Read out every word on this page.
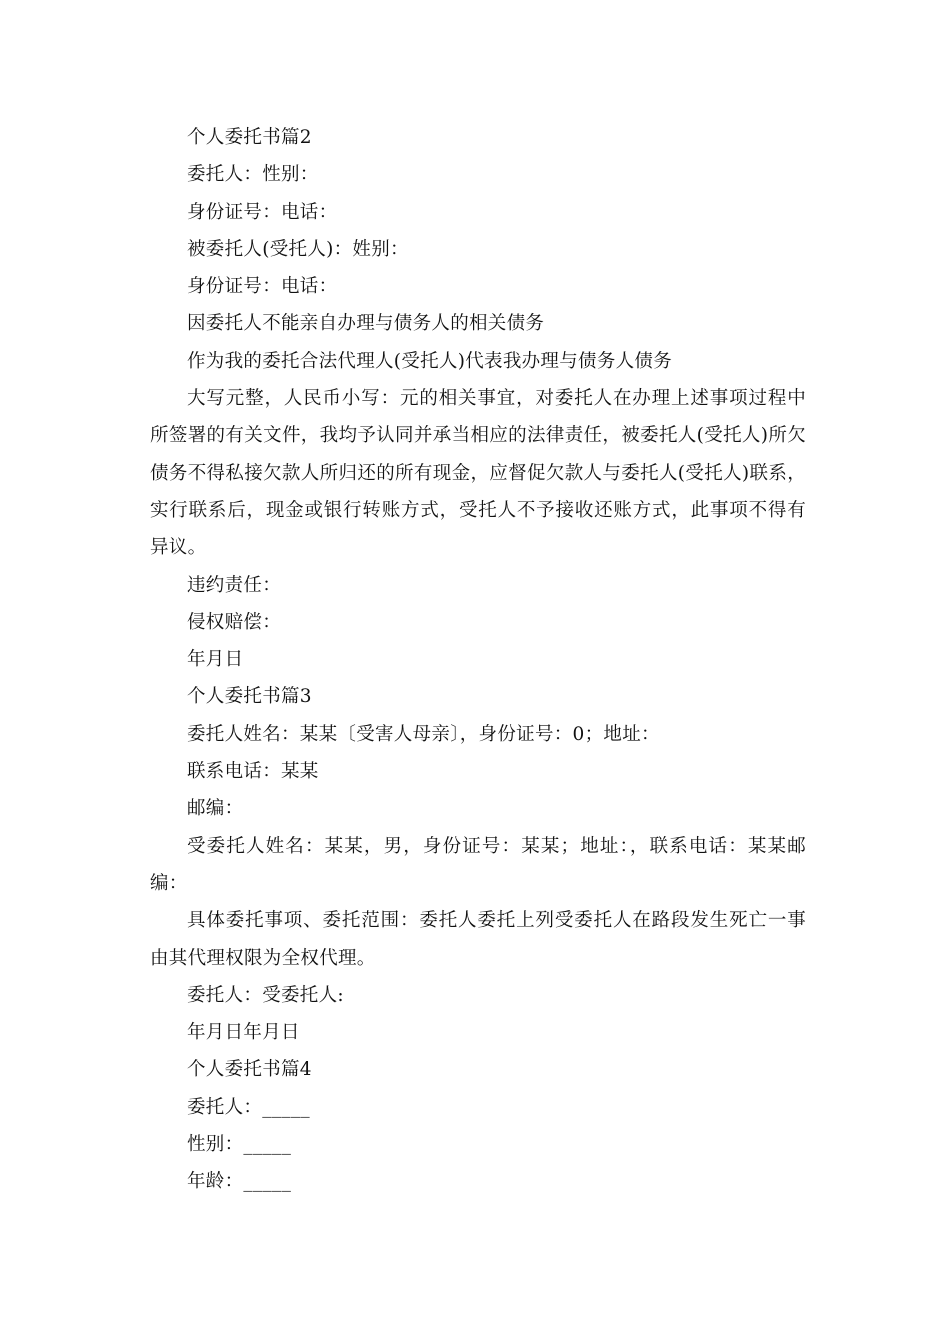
个人委托书篇2

委托人：性别：

身份证号：电话：

被委托人(受托人)：姓别：

身份证号：电话：

因委托人不能亲自办理与债务人的相关债务

作为我的委托合法代理人(受托人)代表我办理与债务人债务

大写元整，人民币小写：元的相关事宜，对委托人在办理上述事项过程中所签署的有关文件，我均予认同并承当相应的法律责任，被委托人(受托人)所欠债务不得私接欠款人所归还的所有现金，应督促欠款人与委托人(受托人)联系，实行联系后，现金或银行转账方式，受托人不予接收还账方式，此事项不得有异议。

违约责任：

侵权赔偿：

年月日

个人委托书篇3

委托人姓名：某某〔受害人母亲〕，身份证号：0；地址：

联系电话：某某

邮编：

受委托人姓名：某某，男，身份证号：某某；地址：，联系电话：某某邮编：

具体委托事项、委托范围：委托人委托上列受委托人在路段发生死亡一事由其代理权限为全权代理。

委托人：受委托人:

年月日年月日

个人委托书篇4

委托人：_____

性别：_____

年龄：_____
